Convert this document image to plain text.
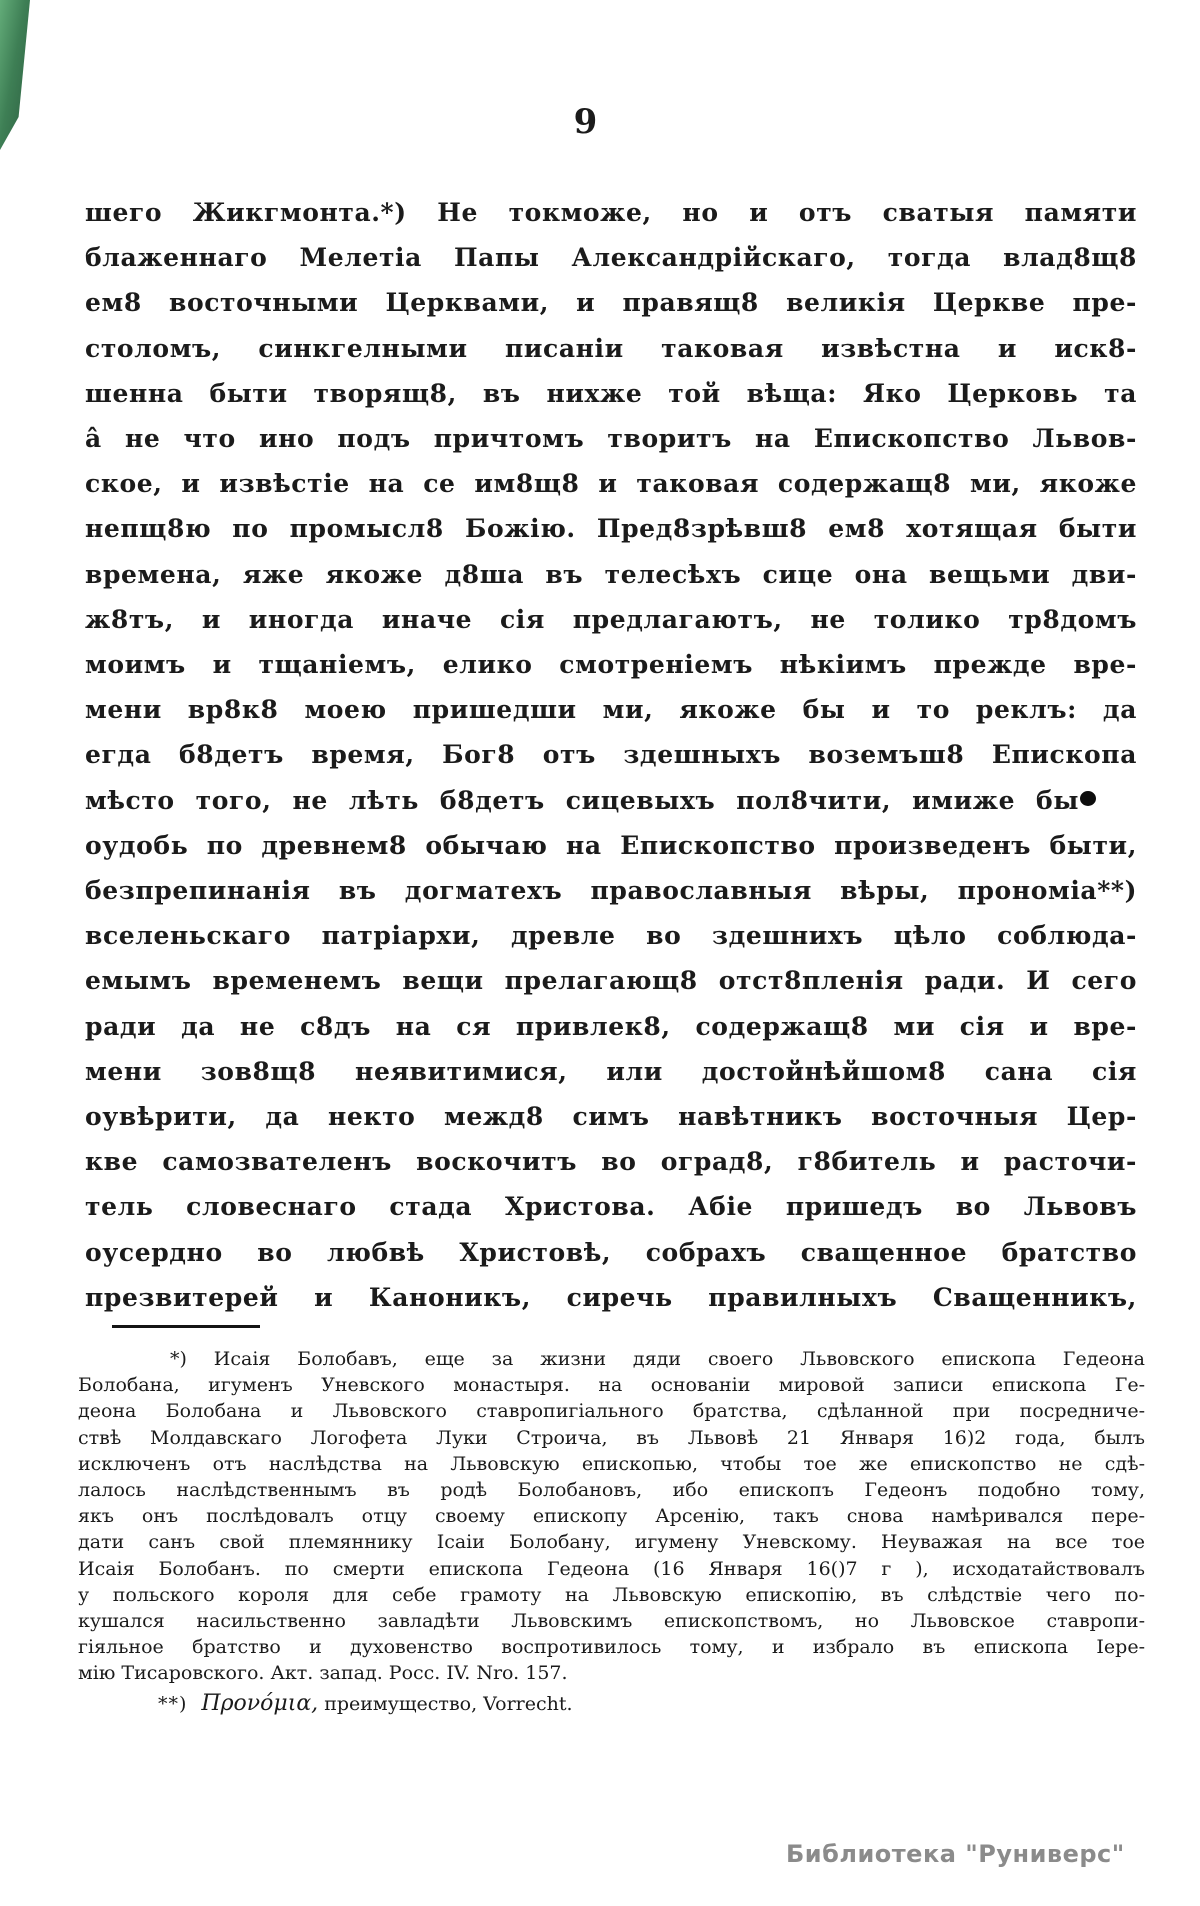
9
шего Жикгмонта.*) Не токможе, но и отъ сватыя памяти
блаженнаго Мелетіа Папы Александрійскаго, тогда влад8щ8
ем8 восточными Церквами, и правящ8 великія Церкве пре-
столомъ, синкгелными писаніи таковая извѣстна и иск8-
шенна быти творящ8, въ нихже той вѣща: Яко Церковь та
а̂ не что ино подъ причтомъ творитъ на Епископство Львов-
ское, и извѣстіе на се им8щ8 и таковая содержащ8 ми, якоже
непщ8ю по промысл8 Божію. Пред8зрѣвш8 ем8 хотящая быти
времена, яже якоже д8ша въ телесѣхъ сице она вещьми дви-
ж8тъ, и иногда иначе сія предлагаютъ, не толико тр8домъ
моимъ и тщаніемъ, елико смотреніемъ нѣкіимъ прежде вре-
мени вр8к8 моею пришедши ми, якоже бы и то реклъ: да
егда б8детъ время, Бог8 отъ здешныхъ воземъш8 Епископа
мѣсто того, не лѣть б8детъ сицевыхъ пол8чити, имиже бы
оудобь по древнем8 обычаю на Епископство произведенъ быти,
безпрепинанія въ догматехъ православныя вѣры, прономіа**)
вселеньскаго патріархи, древле во здешнихъ цѣло соблюда-
емымъ временемъ вещи прелагающ8 отст8пленія ради. И сего
ради да не с8дъ на ся привлек8, содержащ8 ми сія и вре-
мени зов8щ8 неявитимися, или достойнѣйшом8 сана сія
оувѣрити, да некто межд8 симъ навѣтникъ восточныя Цер-
кве самозвателенъ воскочитъ во оград8, г8битель и расточи-
тель словеснаго стада Христова. Абіе пришедъ во Львовъ
оусердно во любвѣ Христовѣ, собрахъ сващенное братство
презвитерей и Каноникъ, сиречь правилныхъ Сващенникъ,
*) Исаія Болобавъ, еще за жизни дяди своего Львовского епископа Гедеона
Болобана, игуменъ Уневского монастыря. на основаніи мировой записи епископа Ге-
деона Болобана и Львовского ставропигіального братства, сдѣланной при посредниче-
ствѣ Молдавскаго Логофета Луки Строича, въ Львовѣ 21 Января 16)2 года, былъ
исключенъ отъ наслѣдства на Львовскую епископью, чтобы тое же епископство не сдѣ-
лалось наслѣдственнымъ въ родѣ Болобановъ, ибо епископъ Гедеонъ подобно тому,
якъ онъ послѣдовалъ отцу своему епископу Арсенію, такъ снова намѣривался пере-
дати санъ свой племяннику Ісаіи Болобану, игумену Уневскому. Неуважая на все тое
Исаія Болобанъ. по смерти епископа Гедеона (16 Января 16()7 г ), исходатайствовалъ
у польского короля для себе грамоту на Львовскую епископію, въ слѣдствіе чего по-
кушался насильственно завладѣти Львовскимъ епископствомъ, но Львовское ставропи-
гіяльное братство и духовенство воспротивилось тому, и избрало въ епископа Іере-
мію Тисаровского. Акт. запад. Росс. IV. Nro. 157.
**) Προνόμια, преимущество, Vorrecht.
Библиотека "Руниверс"
